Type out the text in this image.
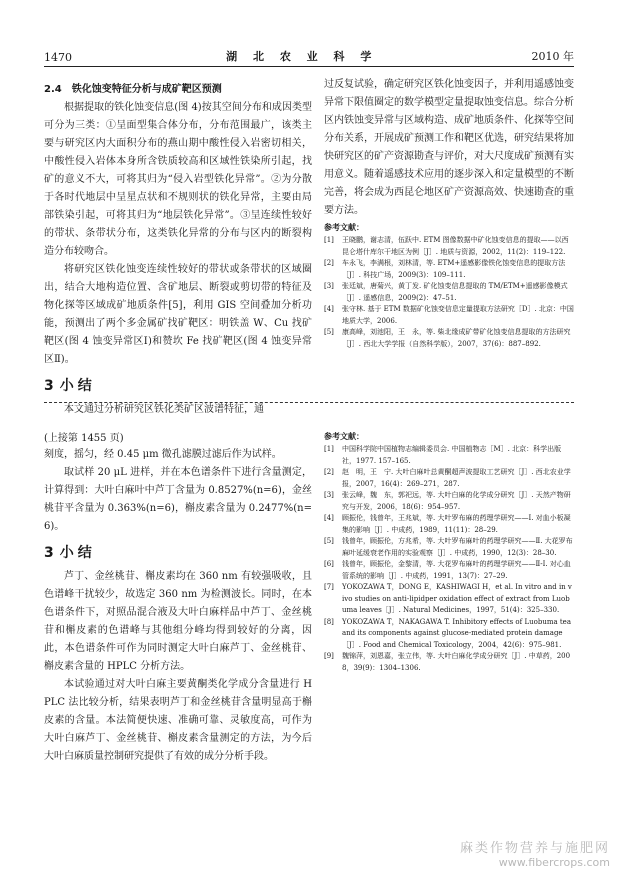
1470	湖 北 农 业 科 学	2010 年
2.4　铁化蚀变特征分析与成矿靶区预测

根据提取的铁化蚀变信息(图 4)按其空间分布和成因类型可分为三类：①呈面型集合体分布，分布范围最广，该类主要与研究区内大面积分布的燕山期中酸性侵入岩密切相关，中酸性侵入岩体本身所含铁质较高和区域性铁染所引起，找矿的意义不大，可将其归为“侵入岩型铁化异常”。②为分散于各时代地层中呈星点状和不规则状的铁化异常，主要由局部铁染引起，可将其归为“地层铁化异常”。③呈连续性较好的带状、条带状分布，这类铁化异常的分布与区内的断裂构造分布较吻合。

将研究区铁化蚀变连续性较好的带状或条带状的区域圈出，结合大地构造位置、含矿地层、断裂或剪切带的特征及物化探等区域成矿地质条件[5]，利用 GIS 空间叠加分析功能，预测出了两个多金属矿找矿靶区：明铁盖 W、Cu 找矿靶区(图 4 蚀变异常区Ⅰ)和赞坎 Fe 找矿靶区(图 4 蚀变异常区Ⅱ)。

3 小结

本文通过分析研究区铁化类矿区波谱特征，通

过反复试验，确定研究区铁化蚀变因子，并利用遥感蚀变异常下限值圈定的数学模型定量提取蚀变信息。综合分析区内铁蚀变异常与区域构造、成矿地质条件、化探等空间分布关系，开展成矿预测工作和靶区优选，研究结果将加快研究区的矿产资源勘查与评价，对大尺度成矿预测有实用意义。随着遥感技术应用的逐步深入和定量模型的不断完善，将会成为西昆仑地区矿产资源高效、快速勘查的重要方法。

参考文献：
[1]	王晓鹏，谢志清，伍跃中. ETM 图像数据中矿化蚀变信息的提取——以西昆仑塔什库尔干地区为例［J］. 地质与资源，2002，11(2)：119–122.
[2]	车永飞，李满根，刘林清，等. ETM+遥感影像铁化蚀变信息的提取方法［J］. 科技广场，2009(3)：109–111.
[3]	张廷斌，唐菊兴，黄丁发. 矿化蚀变信息提取的 TM/ETM+遥感影像模式［J］. 遥感信息，2009(2)：47–51.
[4]	张守林. 基于 ETM 数据矿化蚀变信息定量提取方法研究［D］. 北京：中国地质大学，2006.
[5]	康高峰，刘池阳，王　永，等. 柴北缘成矿带矿化蚀变信息提取的方法研究［J］. 西北大学学报（自然科学版），2007，37(6)：887–892.
(上接第 1455 页)

刻度，摇匀，经 0.45 μm 微孔滤膜过滤后作为试样。

取试样 20 μL 进样，并在本色谱条件下进行含量测定，计算得到：大叶白麻叶中芦丁含量为 0.8527%(n=6)，金丝桃苷平含量为 0.363%(n=6)，槲皮素含量为 0.2477%(n=6)。

3 小结

芦丁、金丝桃苷、槲皮素均在 360 nm 有较强吸收，且色谱峰干扰较少，故选定 360 nm 为检测波长。同时，在本色谱条件下，对照品混合液及大叶白麻样品中芦丁、金丝桃苷和槲皮素的色谱峰与其他组分峰均得到较好的分离，因此，本色谱条件可作为同时测定大叶白麻芦丁、金丝桃苷、槲皮素含量的 HPLC 分析方法。

本试验通过对大叶白麻主要黄酮类化学成分含量进行 HPLC 法比较分析，结果表明芦丁和金丝桃苷含量明显高于槲皮素的含量。本法简便快速、准确可靠、灵敏度高，可作为大叶白麻芦丁、金丝桃苷、槲皮素含量测定的方法，为今后大叶白麻质量控制研究提供了有效的成分分析手段。

参考文献：
[1]	中国科学院中国植物志编辑委员会. 中国植物志［M］. 北京：科学出版社，1977. 157–165.
[2]	赵　明，王　宁. 大叶白麻叶总黄酮超声波提取工艺研究［J］. 西北农业学报，2007，16(4)：269–271，287.
[3]	张云峰，魏　东，郭祀远，等. 大叶白麻的化学成分研究［J］. 天然产物研究与开发，2006，18(6)：954–957.
[4]	顾振伦，钱曾年，王兆斌，等. 大叶罗布麻的药理学研究——Ⅰ. 对血小板凝集的影响［J］. 中成药，1989，11(11)：28–29.
[5]	钱曾年，顾振伦，方兆希，等. 大叶罗布麻叶的药理学研究——Ⅱ. 大花罗布麻叶延缓衰老作用的实验观察［J］. 中成药，1990，12(3)：28–30.
[6]	钱曾年，顾振伦，金黎清，等. 大花罗布麻叶的药理学研究——Ⅱ-Ⅰ. 对心血管系统的影响［J］. 中成药，1991，13(7)：27–29.
[7]	YOKOZAWA T，DONG E，KASHIWAGI H，et al. In vitro and in vivo studies on anti-lipidper oxidation effect of extract from Luobuma leaves［J］. Natural Medicines，1997，51(4)：325–330.
[8]	YOKOZAWA T，NAKAGAWA T. Inhibitory effects of Luobuma tea and its components against glucose-mediated protein damage［J］. Food and Chemical Toxicology，2004，42(6)：975–981.
[9]	魏锦萍，刘恩嘉，张立伟，等. 大叶白麻化学成分研究［J］. 中草药，2008，39(9)：1304–1306.
麻类作物营养与施肥网
www.fibercrops.com
